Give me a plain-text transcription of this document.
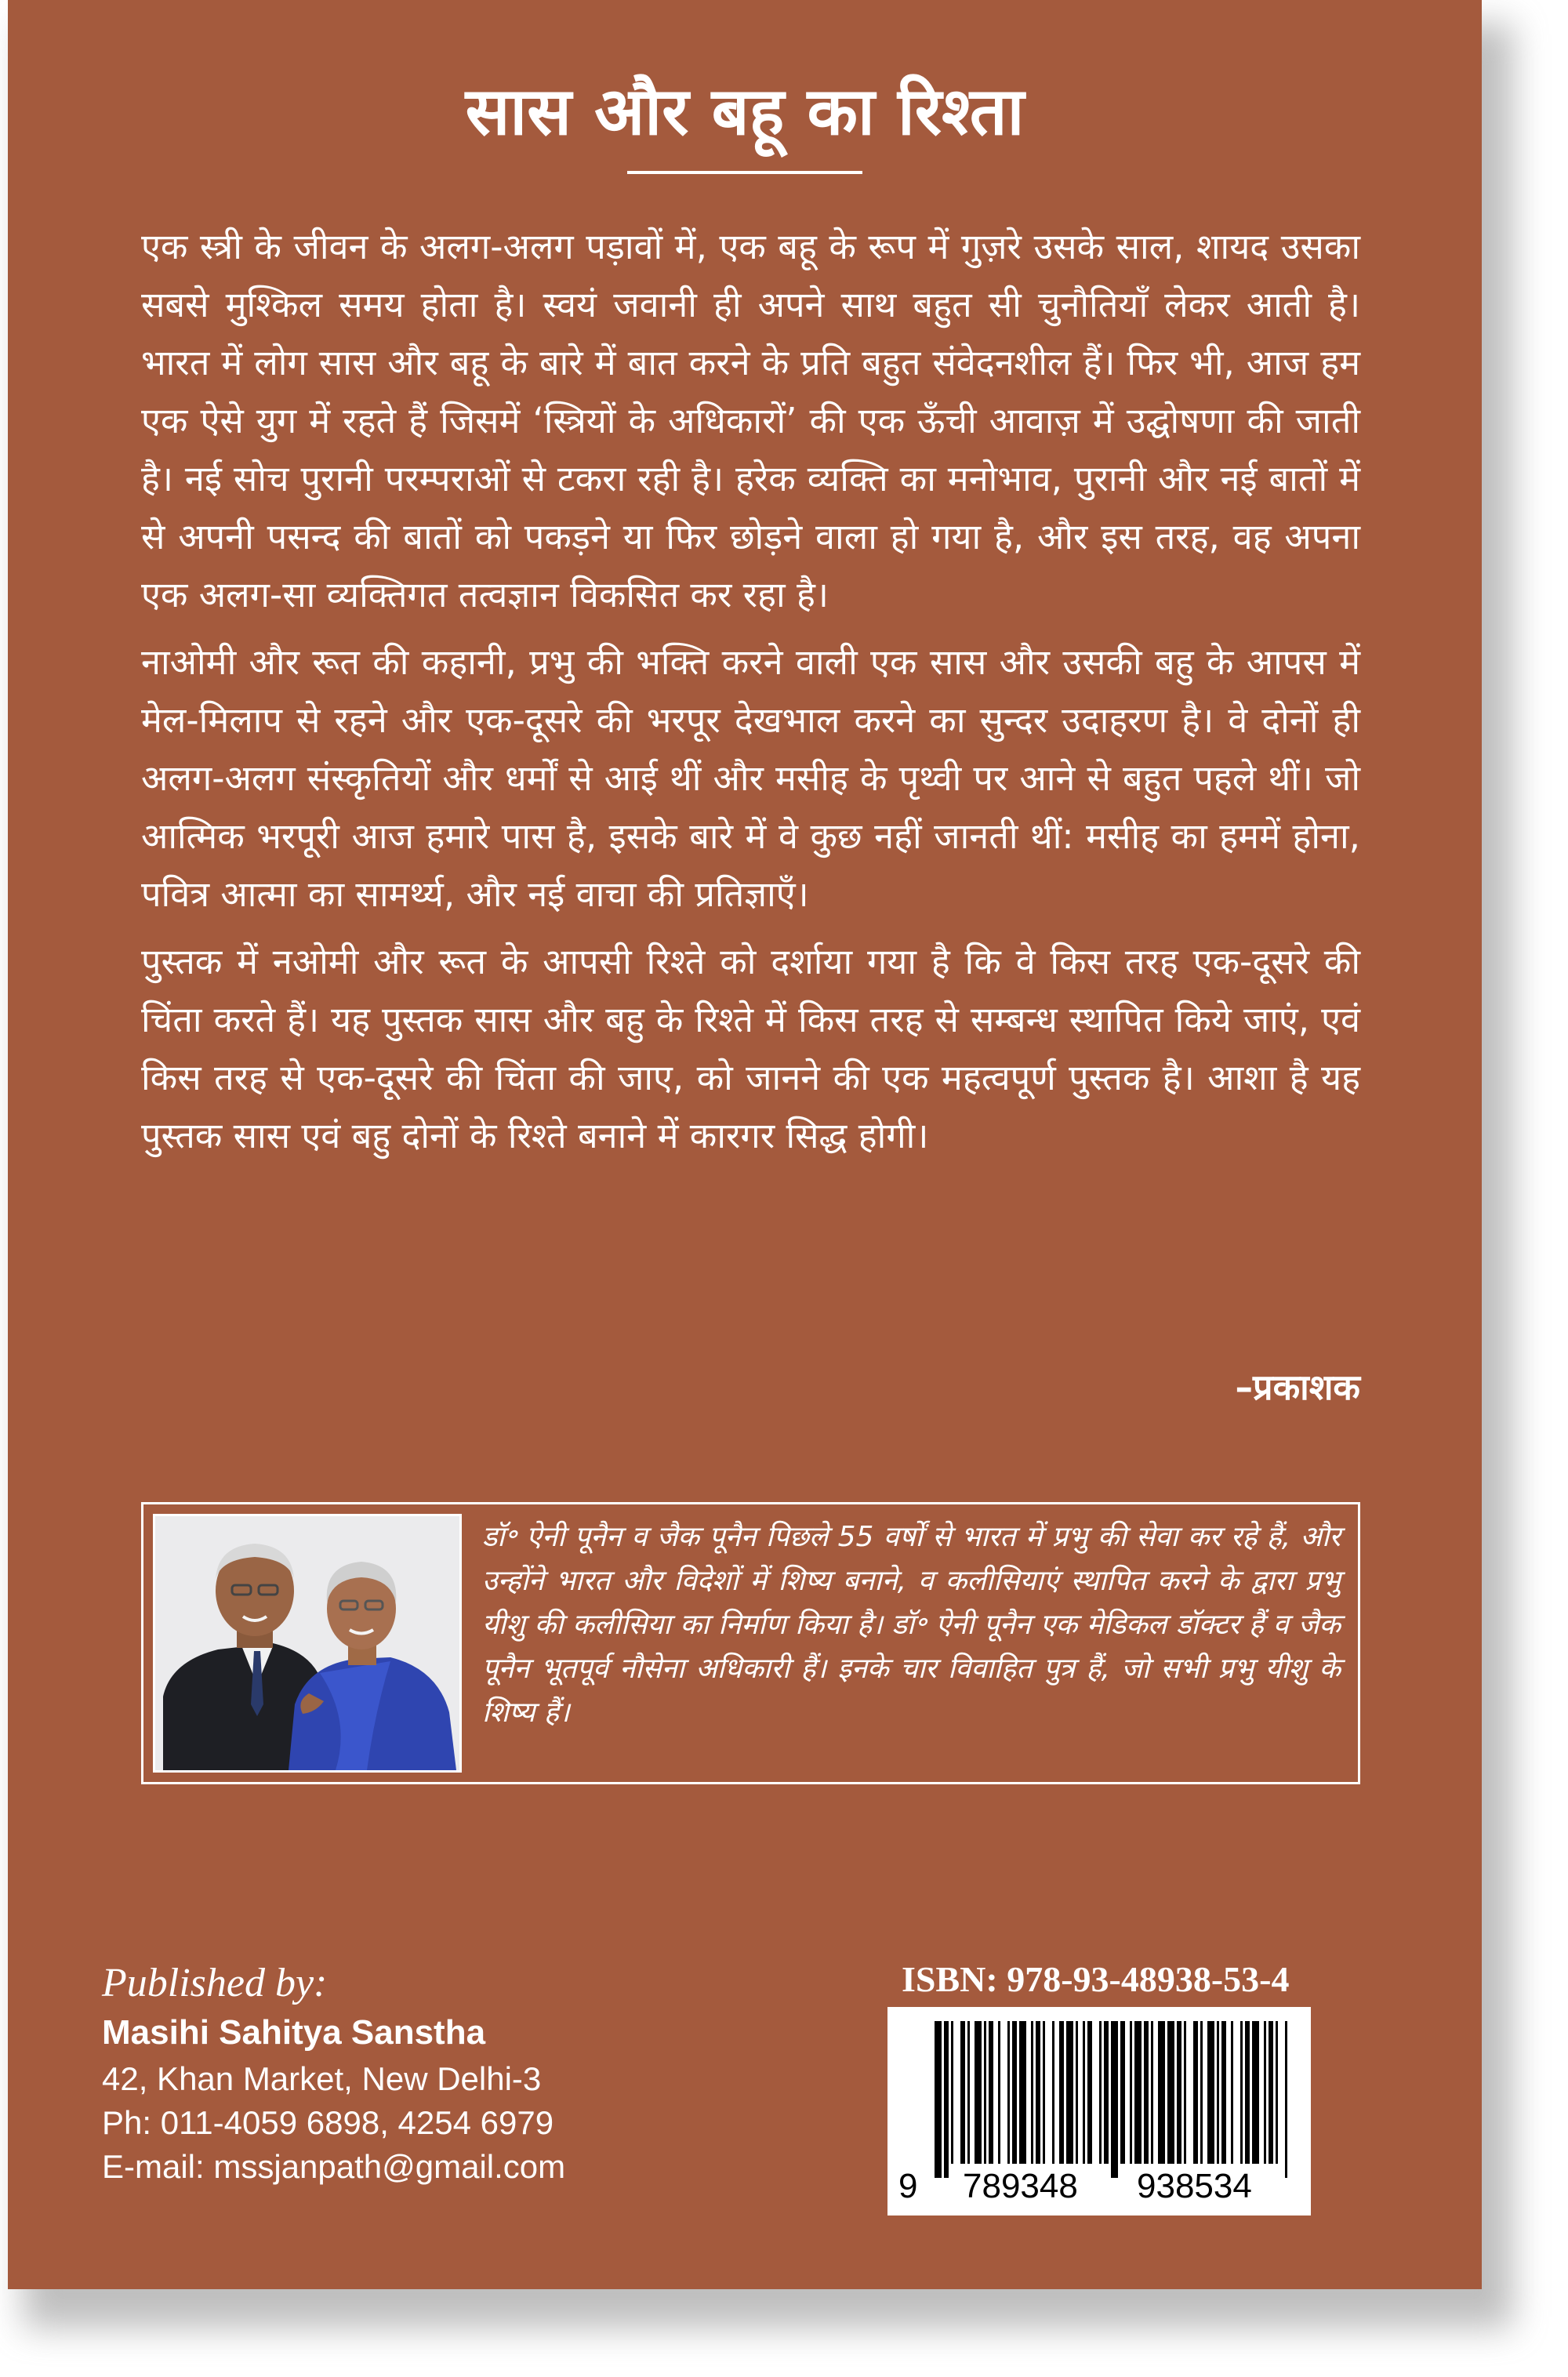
सास और बहू का रिश्ता

एक स्त्री के जीवन के अलग-अलग पड़ावों में, एक बहू के रूप में गुज़रे उसके साल, शायद उसका सबसे मुश्किल समय होता है। स्वयं जवानी ही अपने साथ बहुत सी चुनौतियाँ लेकर आती है। भारत में लोग सास और बहू के बारे में बात करने के प्रति बहुत संवेदनशील हैं। फिर भी, आज हम एक ऐसे युग में रहते हैं जिसमें ‘स्त्रियों के अधिकारों’ की एक ऊँची आवाज़ में उद्घोषणा की जाती है। नई सोच पुरानी परम्पराओं से टकरा रही है। हरेक व्यक्ति का मनोभाव, पुरानी और नई बातों में से अपनी पसन्द की बातों को पकड़ने या फिर छोड़ने वाला हो गया है, और इस तरह, वह अपना एक अलग-सा व्यक्तिगत तत्वज्ञान विकसित कर रहा है।

नाओमी और रूत की कहानी, प्रभु की भक्ति करने वाली एक सास और उसकी बहु के आपस में मेल-मिलाप से रहने और एक-दूसरे की भरपूर देखभाल करने का सुन्दर उदाहरण है। वे दोनों ही अलग-अलग संस्कृतियों और धर्मों से आई थीं और मसीह के पृथ्वी पर आने से बहुत पहले थीं। जो आत्मिक भरपूरी आज हमारे पास है, इसके बारे में वे कुछ नहीं जानती थीं: मसीह का हममें होना, पवित्र आत्मा का सामर्थ्य, और नई वाचा की प्रतिज्ञाएँ।

पुस्तक में नओमी और रूत के आपसी रिश्ते को दर्शाया गया है कि वे किस तरह एक-दूसरे की चिंता करते हैं। यह पुस्तक सास और बहु के रिश्ते में किस तरह से सम्बन्ध स्थापित किये जाएं, एवं किस तरह से एक-दूसरे की चिंता की जाए, को जानने की एक महत्वपूर्ण पुस्तक है। आशा है यह पुस्तक सास एवं बहु दोनों के रिश्ते बनाने में कारगर सिद्ध होगी।

–प्रकाशक
डॉ॰ ऐनी पूनैन व जैक पूनैन पिछले 55 वर्षों से भारत में प्रभु की सेवा कर रहे हैं, और उन्होंने भारत और विदेशों में शिष्य बनाने, व कलीसियाएं स्थापित करने के द्वारा प्रभु यीशु की कलीसिया का निर्माण किया है। डॉ॰ ऐनी पूनैन एक मेडिकल डॉक्टर हैं व जैक पूनैन भूतपूर्व नौसेना अधिकारी हैं। इनके चार विवाहित पुत्र हैं, जो सभी प्रभु यीशु के शिष्य हैं।
Published by:
Masihi Sahitya Sanstha
42, Khan Market, New Delhi-3
Ph: 011-4059 6898, 4254 6979
E-mail: mssjanpath@gmail.com
ISBN: 978-93-48938-53-4
9 789348 938534
